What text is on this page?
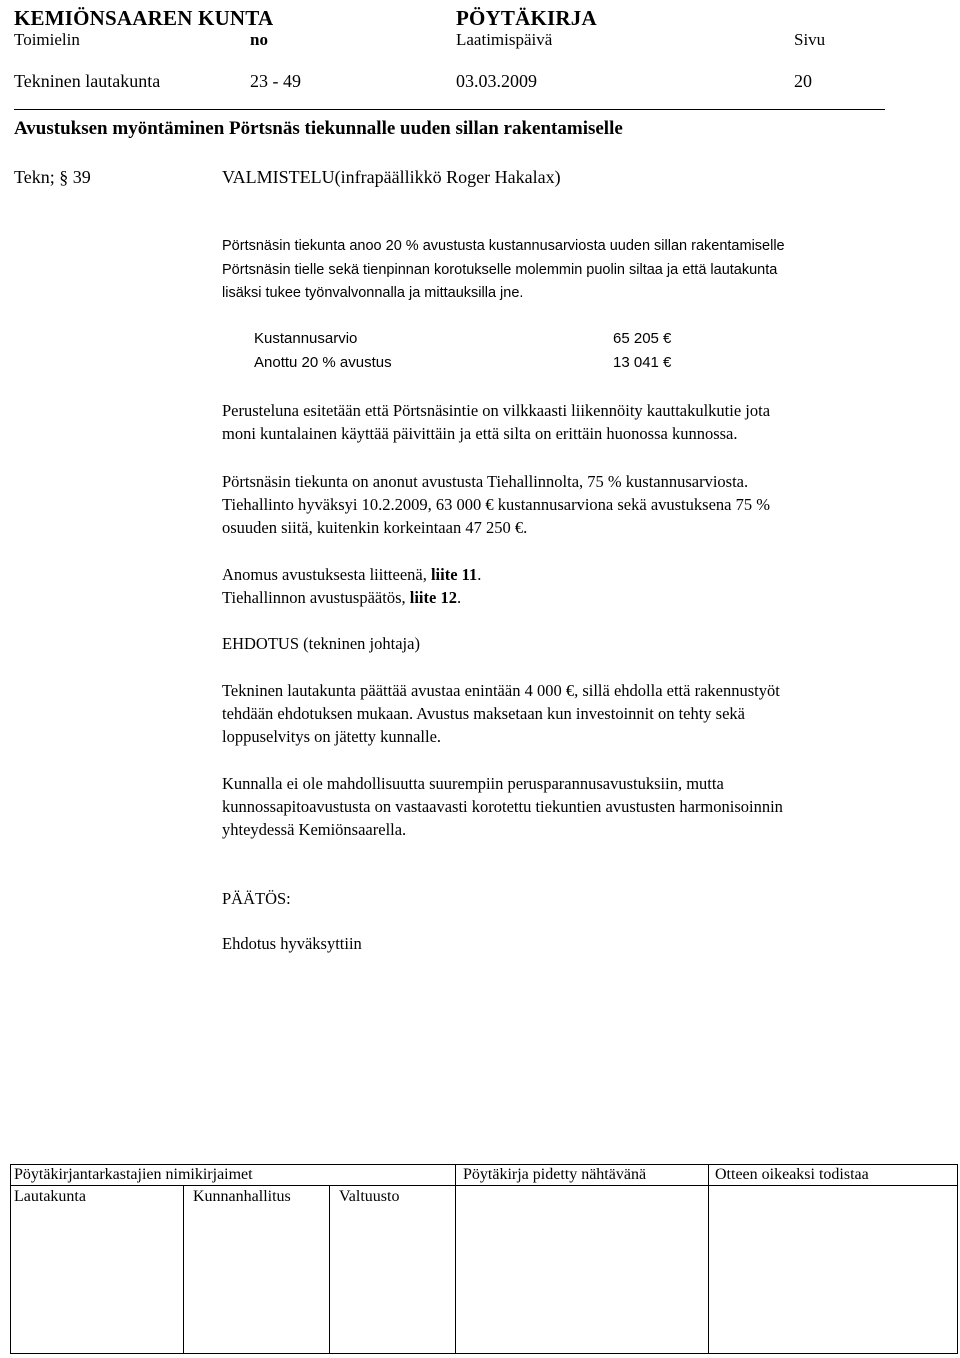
KEMIÖNSAAREN KUNTA	PÖYTÄKIRJA
Toimielin	no	Laatimispäivä	Sivu
Tekninen lautakunta	23 - 49	03.03.2009	20
Avustuksen myöntäminen Pörtsnäs tiekunnalle uuden sillan rakentamiselle
Tekn; § 39	VALMISTELU(infrapäällikkö Roger Hakalax)
Pörtsnäsin tiekunta anoo 20 % avustusta kustannusarviosta uuden sillan rakentamiselle
Pörtsnäsin tielle sekä tienpinnan korotukselle molemmin puolin siltaa ja että lautakunta
lisäksi tukee työnvalvonnalla ja mittauksilla jne.
Kustannusarvio	65 205 €
Anottu 20 % avustus	13 041 €
Perusteluna esitetään että Pörtsnäsintie on vilkkaasti liikennöity kauttakulkutie jota
moni kuntalainen käyttää päivittäin ja että silta on erittäin huonossa kunnossa.
Pörtsnäsin tiekunta on anonut avustusta Tiehallinnolta, 75 % kustannusarviosta.
Tiehallinto hyväksyi 10.2.2009, 63 000 € kustannusarviona sekä avustuksena 75 %
osuuden siitä, kuitenkin korkeintaan 47 250 €.
Anomus avustuksesta liitteenä, liite 11.
Tiehallinnon avustuspäätös, liite 12.
EHDOTUS (tekninen johtaja)
Tekninen lautakunta päättää avustaa enintään 4 000 €, sillä ehdolla että rakennustyöt
tehdään ehdotuksen mukaan. Avustus maksetaan kun investoinnit on tehty sekä
loppuselvitys on jätetty kunnalle.
Kunnalla ei ole mahdollisuutta suurempiin perusparannusavustuksiin, mutta
kunnossapitoavustusta on vastaavasti korotettu tiekuntien avustusten harmonisoinnin
yhteydessä Kemiönsaarella.
PÄÄTÖS:
Ehdotus hyväksyttiin
Pöytäkirjantarkastajien nimikirjaimet	Pöytäkirja pidetty nähtävänä	Otteen oikeaksi todistaa
Lautakunta	Kunnanhallitus	Valtuusto
